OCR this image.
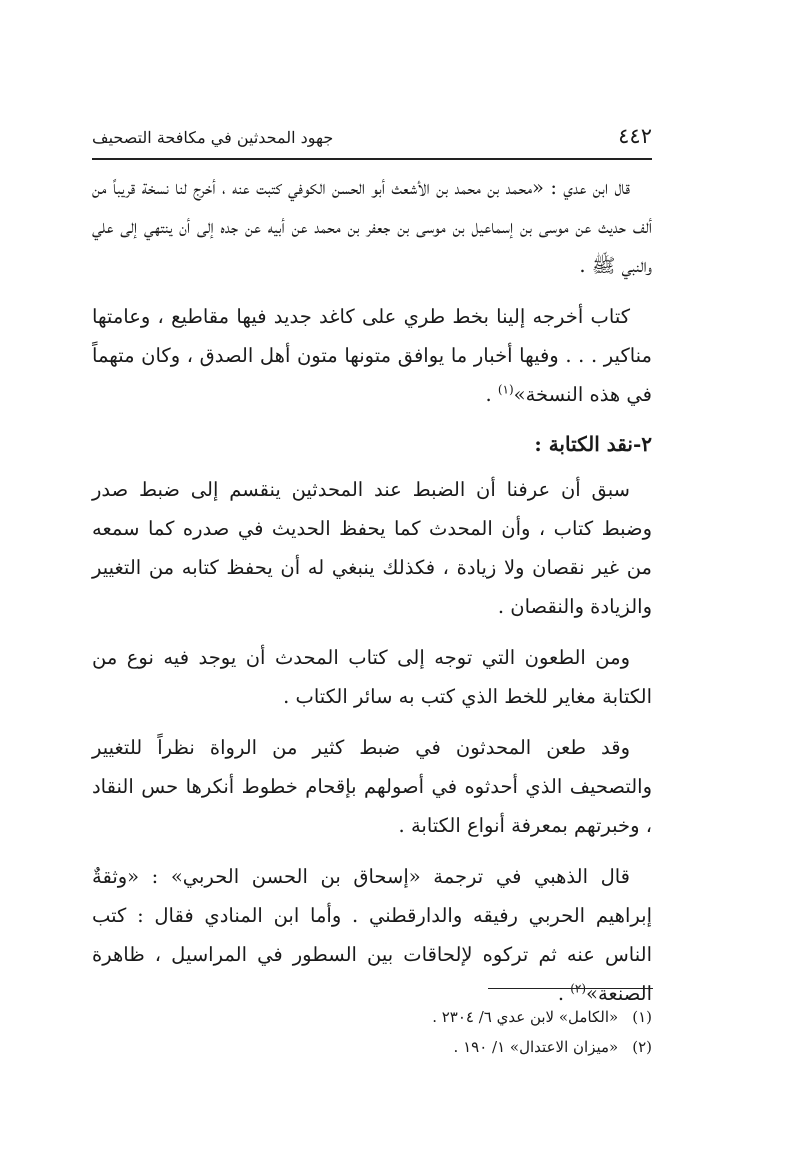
٤٤٢
جهود المحدثين في مكافحة التصحيف

قال ابن عدي : «محمد بن محمد بن الأشعث أبو الحسن الكوفي كتبت عنه ، أخرج لنا نسخة قريباً من ألف حديث عن موسى بن إسماعيل بن موسى بن جعفر بن محمد عن أبيه عن جده إلى أن ينتهي إلى علي والنبي ﷺ .

كتاب أخرجه إلينا بخط طري على كاغد جديد فيها مقاطيع ، وعامتها مناكير . . . وفيها أخبار ما يوافق متونها متون أهل الصدق ، وكان متهماً في هذه النسخة»$^{(١)}$ .

٢-نقد الكتابة :

سبق أن عرفنا أن الضبط عند المحدثين ينقسم إلى ضبط صدر وضبط كتاب ، وأن المحدث كما يحفظ الحديث في صدره كما سمعه من غير نقصان ولا زيادة ، فكذلك ينبغي له أن يحفظ كتابه من التغيير والزيادة والنقصان .

ومن الطعون التي توجه إلى كتاب المحدث أن يوجد فيه نوع من الكتابة مغاير للخط الذي كتب به سائر الكتاب .

وقد طعن المحدثون في ضبط كثير من الرواة نظراً للتغيير والتصحيف الذي أحدثوه في أصولهم بإقحام خطوط أنكرها حس النقاد ، وخبرتهم بمعرفة أنواع الكتابة .

قال الذهبي في ترجمة «إسحاق بن الحسن الحربي» : «وثقةٌ إبراهيم الحربي رفيقه والدارقطني . وأما ابن المنادي فقال : كتب الناس عنه ثم تركوه لإلحاقات بين السطور في المراسيل ، ظاهرة الصنعة»$^{(٢)}$ .

(١)«الكامل» لابن عدي ٦/ ٢٣٠٤ .

(٢)«ميزان الاعتدال» ١/ ١٩٠ .
